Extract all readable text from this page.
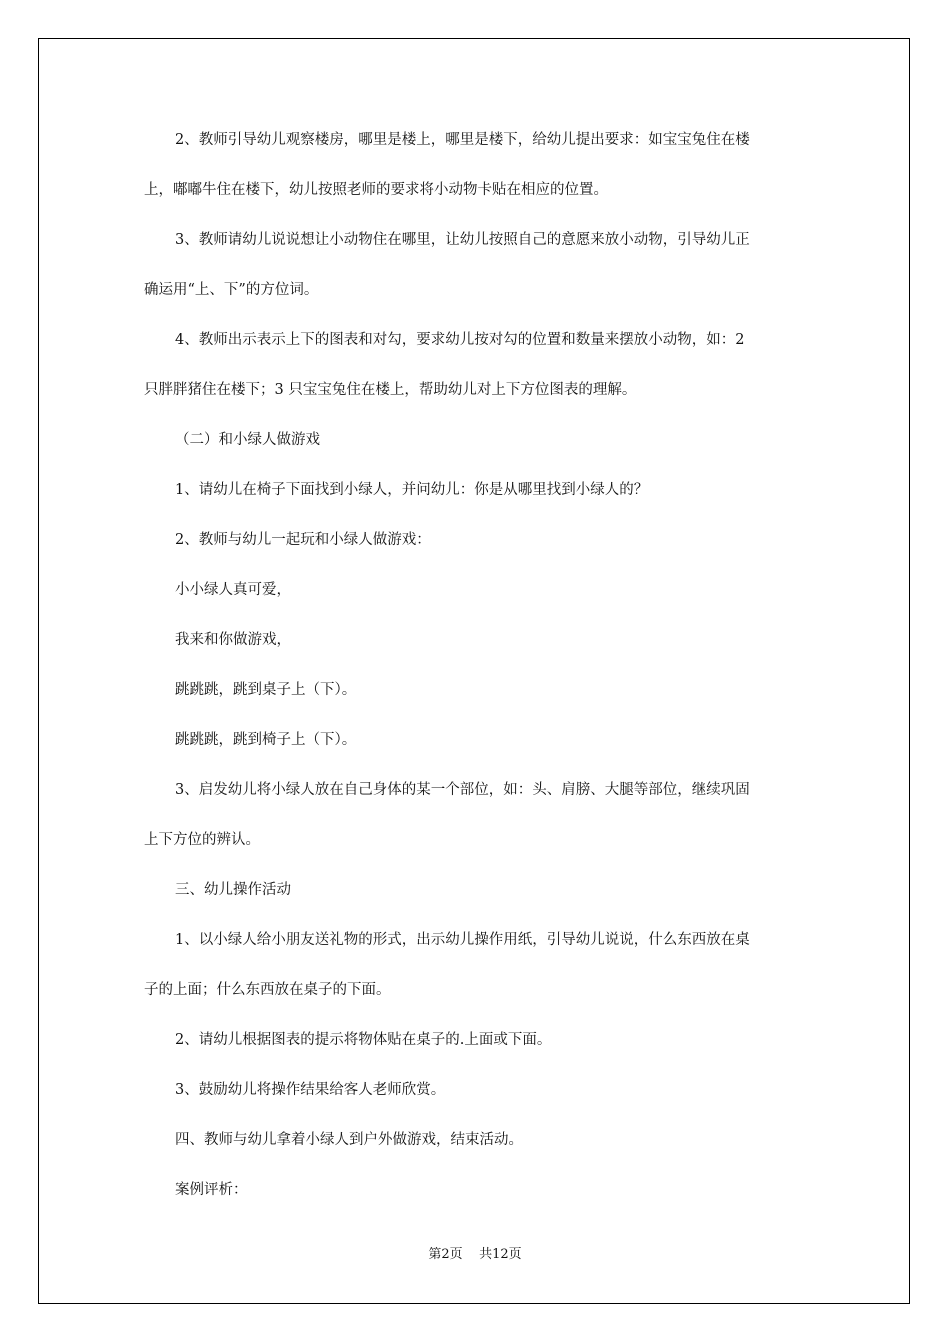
2、教师引导幼儿观察楼房，哪里是楼上，哪里是楼下，给幼儿提出要求：如宝宝兔住在楼
上，嘟嘟牛住在楼下，幼儿按照老师的要求将小动物卡贴在相应的位置。
3、教师请幼儿说说想让小动物住在哪里，让幼儿按照自己的意愿来放小动物，引导幼儿正
确运用“上、下”的方位词。
4、教师出示表示上下的图表和对勾，要求幼儿按对勾的位置和数量来摆放小动物，如：2
只胖胖猪住在楼下；3 只宝宝兔住在楼上，帮助幼儿对上下方位图表的理解。
（二）和小绿人做游戏
1、请幼儿在椅子下面找到小绿人，并问幼儿：你是从哪里找到小绿人的？
2、教师与幼儿一起玩和小绿人做游戏：
小小绿人真可爱，
我来和你做游戏，
跳跳跳，跳到桌子上（下）。
跳跳跳，跳到椅子上（下）。
3、启发幼儿将小绿人放在自己身体的某一个部位，如：头、肩膀、大腿等部位，继续巩固
上下方位的辨认。
三、幼儿操作活动
1、以小绿人给小朋友送礼物的形式，出示幼儿操作用纸，引导幼儿说说，什么东西放在桌
子的上面；什么东西放在桌子的下面。
2、请幼儿根据图表的提示将物体贴在桌子的.上面或下面。
3、鼓励幼儿将操作结果给客人老师欣赏。
四、教师与幼儿拿着小绿人到户外做游戏，结束活动。
案例评析：
第2页    共12页
